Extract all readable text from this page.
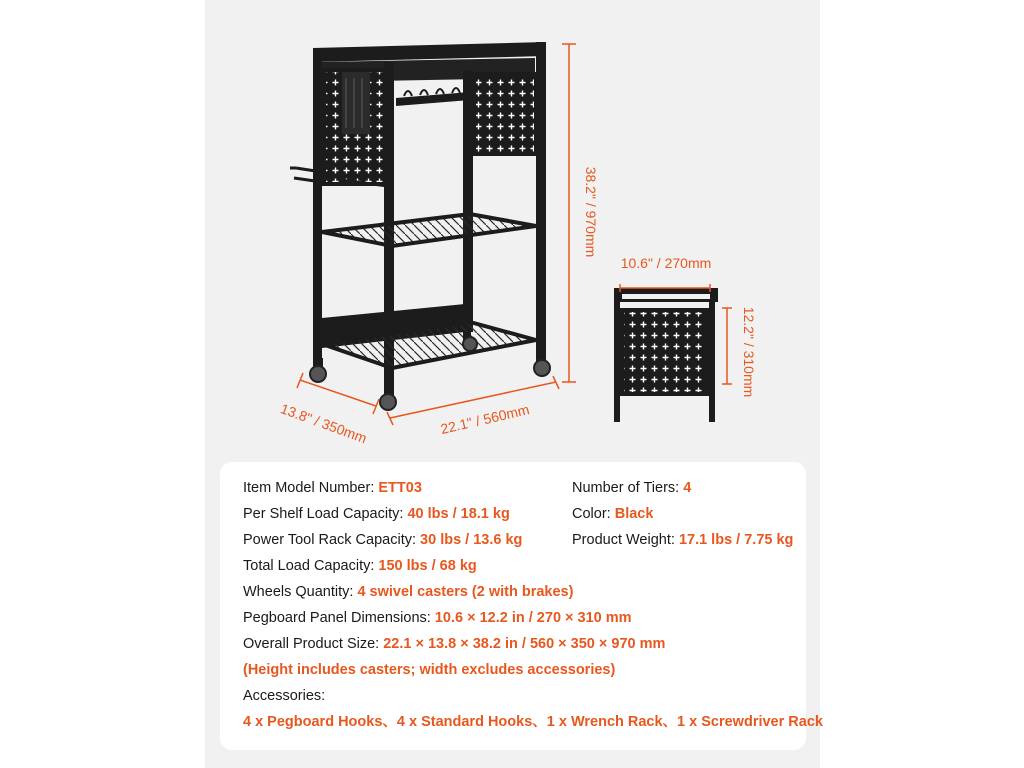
38.2" / 970mm
13.8" / 350mm	22.1" / 560mm
10.6" / 270mm
12.2" / 310mm
Item Model Number: ETT03
Per Shelf Load Capacity: 40 lbs / 18.1 kg
Power Tool Rack Capacity: 30 lbs / 13.6 kg
Total Load Capacity: 150 lbs / 68 kg
Wheels Quantity: 4 swivel casters (2 with brakes)
Pegboard Panel Dimensions: 10.6 × 12.2 in / 270 × 310 mm
Overall Product Size: 22.1 × 13.8 × 38.2 in / 560 × 350 × 970 mm
(Height includes casters; width excludes accessories)
Accessories:
4 x Pegboard Hooks、4 x Standard Hooks、1 x Wrench Rack、1 x Screwdriver Rack
Number of Tiers: 4
Color: Black
Product Weight: 17.1 lbs / 7.75 kg
